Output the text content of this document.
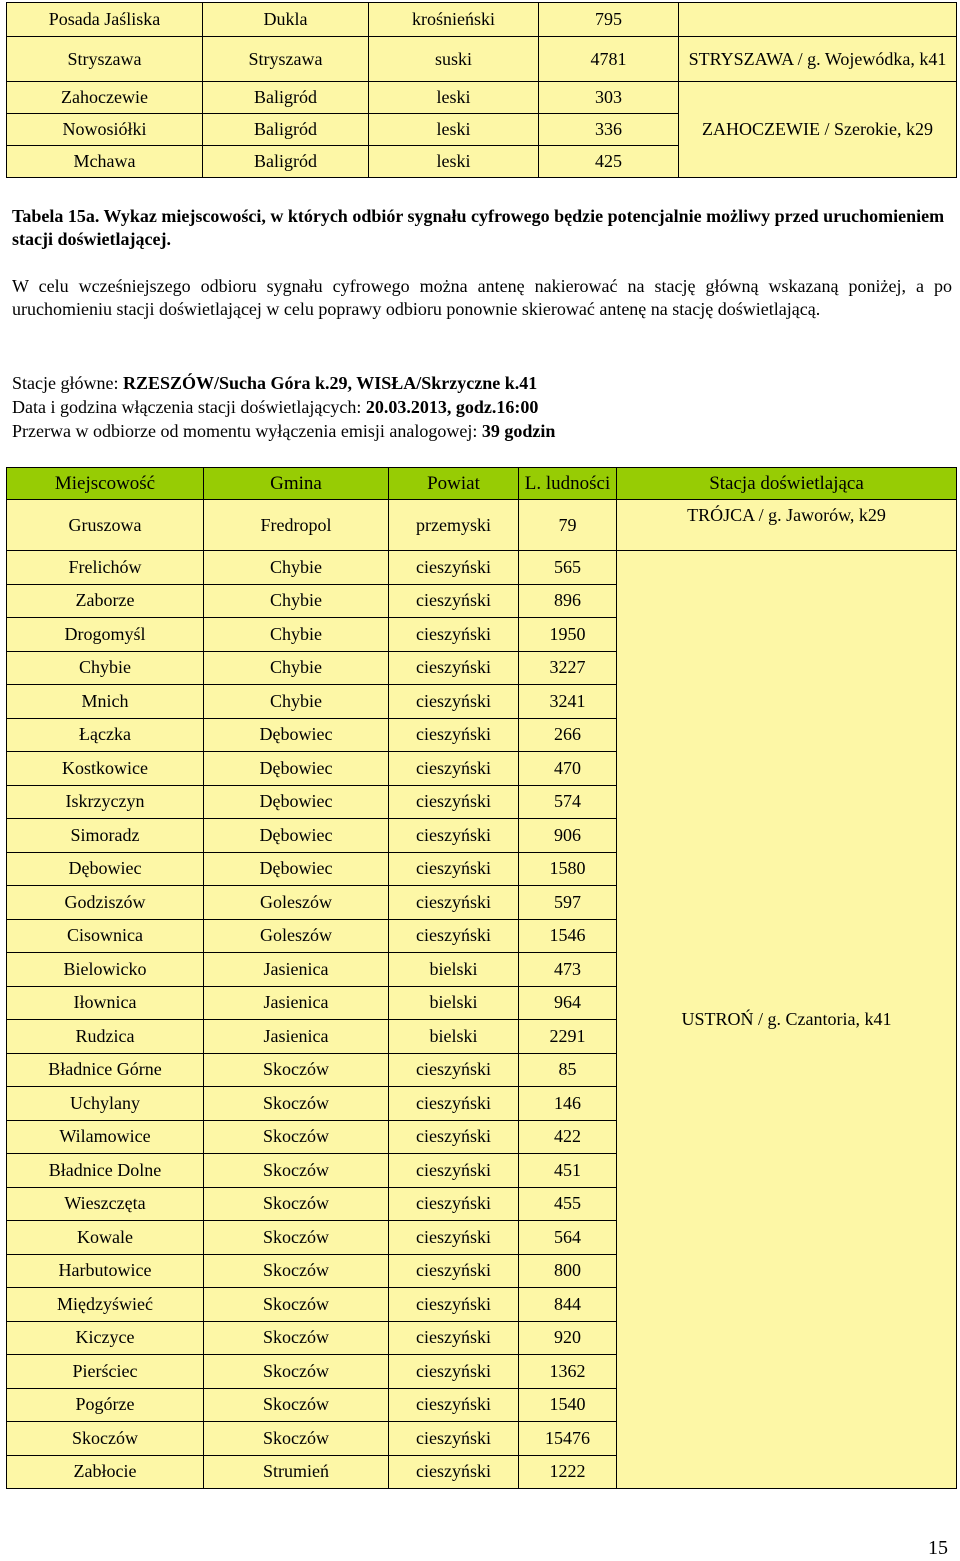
Posada Jaśliska	Dukla	krośnieński	795	
Stryszawa	Stryszawa	suski	4781	STRYSZAWA / g. Wojewódka, k41
Zahoczewie	Baligród	leski	303	ZAHOCZEWIE / Szerokie, k29
Nowosiółki	Baligród	leski	336	
Mchawa	Baligród	leski	425	

Tabela 15a. Wykaz miejscowości, w których odbiór sygnału cyfrowego będzie potencjalnie możliwy przed uruchomieniem stacji doświetlającej.

W celu wcześniejszego odbioru sygnału cyfrowego można antenę nakierować na stację główną wskazaną poniżej, a po uruchomieniu stacji doświetlającej w celu poprawy odbioru ponownie skierować antenę na stację doświetlającą.

Stacje główne: RZESZÓW/Sucha Góra k.29, WISŁA/Skrzyczne k.41

Data i godzina włączenia stacji doświetlających: 20.03.2013, godz.16:00

Przerwa w odbiorze od momentu wyłączenia emisji analogowej: 39 godzin

Miejscowość	Gmina	Powiat	L. ludności	Stacja doświetlająca
Gruszowa	Fredropol	przemyski	79	TRÓJCA / g. Jaworów, k29
Frelichów	Chybie	cieszyński	565	USTROŃ / g. Czantoria, k41
Zaborze	Chybie	cieszyński	896	
Drogomyśl	Chybie	cieszyński	1950	
Chybie	Chybie	cieszyński	3227	
Mnich	Chybie	cieszyński	3241	
Łączka	Dębowiec	cieszyński	266	
Kostkowice	Dębowiec	cieszyński	470	
Iskrzyczyn	Dębowiec	cieszyński	574	
Simoradz	Dębowiec	cieszyński	906	
Dębowiec	Dębowiec	cieszyński	1580	
Godziszów	Goleszów	cieszyński	597	
Cisownica	Goleszów	cieszyński	1546	
Bielowicko	Jasienica	bielski	473	
Iłownica	Jasienica	bielski	964	
Rudzica	Jasienica	bielski	2291	
Bładnice Górne	Skoczów	cieszyński	85	
Uchylany	Skoczów	cieszyński	146	
Wilamowice	Skoczów	cieszyński	422	
Bładnice Dolne	Skoczów	cieszyński	451	
Wieszczęta	Skoczów	cieszyński	455	
Kowale	Skoczów	cieszyński	564	
Harbutowice	Skoczów	cieszyński	800	
Międzyświeć	Skoczów	cieszyński	844	
Kiczyce	Skoczów	cieszyński	920	
Pierściec	Skoczów	cieszyński	1362	
Pogórze	Skoczów	cieszyński	1540	
Skoczów	Skoczów	cieszyński	15476	
Zabłocie	Strumień	cieszyński	1222	
15
